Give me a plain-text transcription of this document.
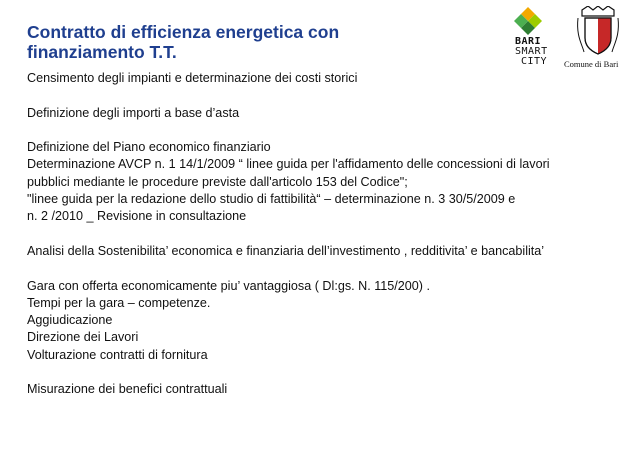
Contratto di efficienza energetica con
finanziamento T.T.
BARI
SMART
CITY	Comune di Bari

Censimento degli impianti e determinazione dei costi storici

Definizione degli importi a base d’asta

Definizione del Piano economico finanziario

Determinazione AVCP n. 1 14/1/2009 “ linee guida per l'affidamento delle concessioni di lavori pubblici mediante le procedure previste dall'articolo 153 del Codice";

"linee guida per la redazione dello studio di fattibilità“ – determinazione n. 3 30/5/2009 e

n. 2 /2010 _ Revisione in consultazione

Analisi della Sostenibilita’ economica e finanziaria dell’investimento , redditivita’ e bancabilita’

Gara con offerta economicamente piu’ vantaggiosa ( Dl:gs. N. 115/200) .

Tempi per la gara – competenze.

Aggiudicazione

Direzione dei Lavori

Volturazione contratti di fornitura

Misurazione dei benefici contrattuali
